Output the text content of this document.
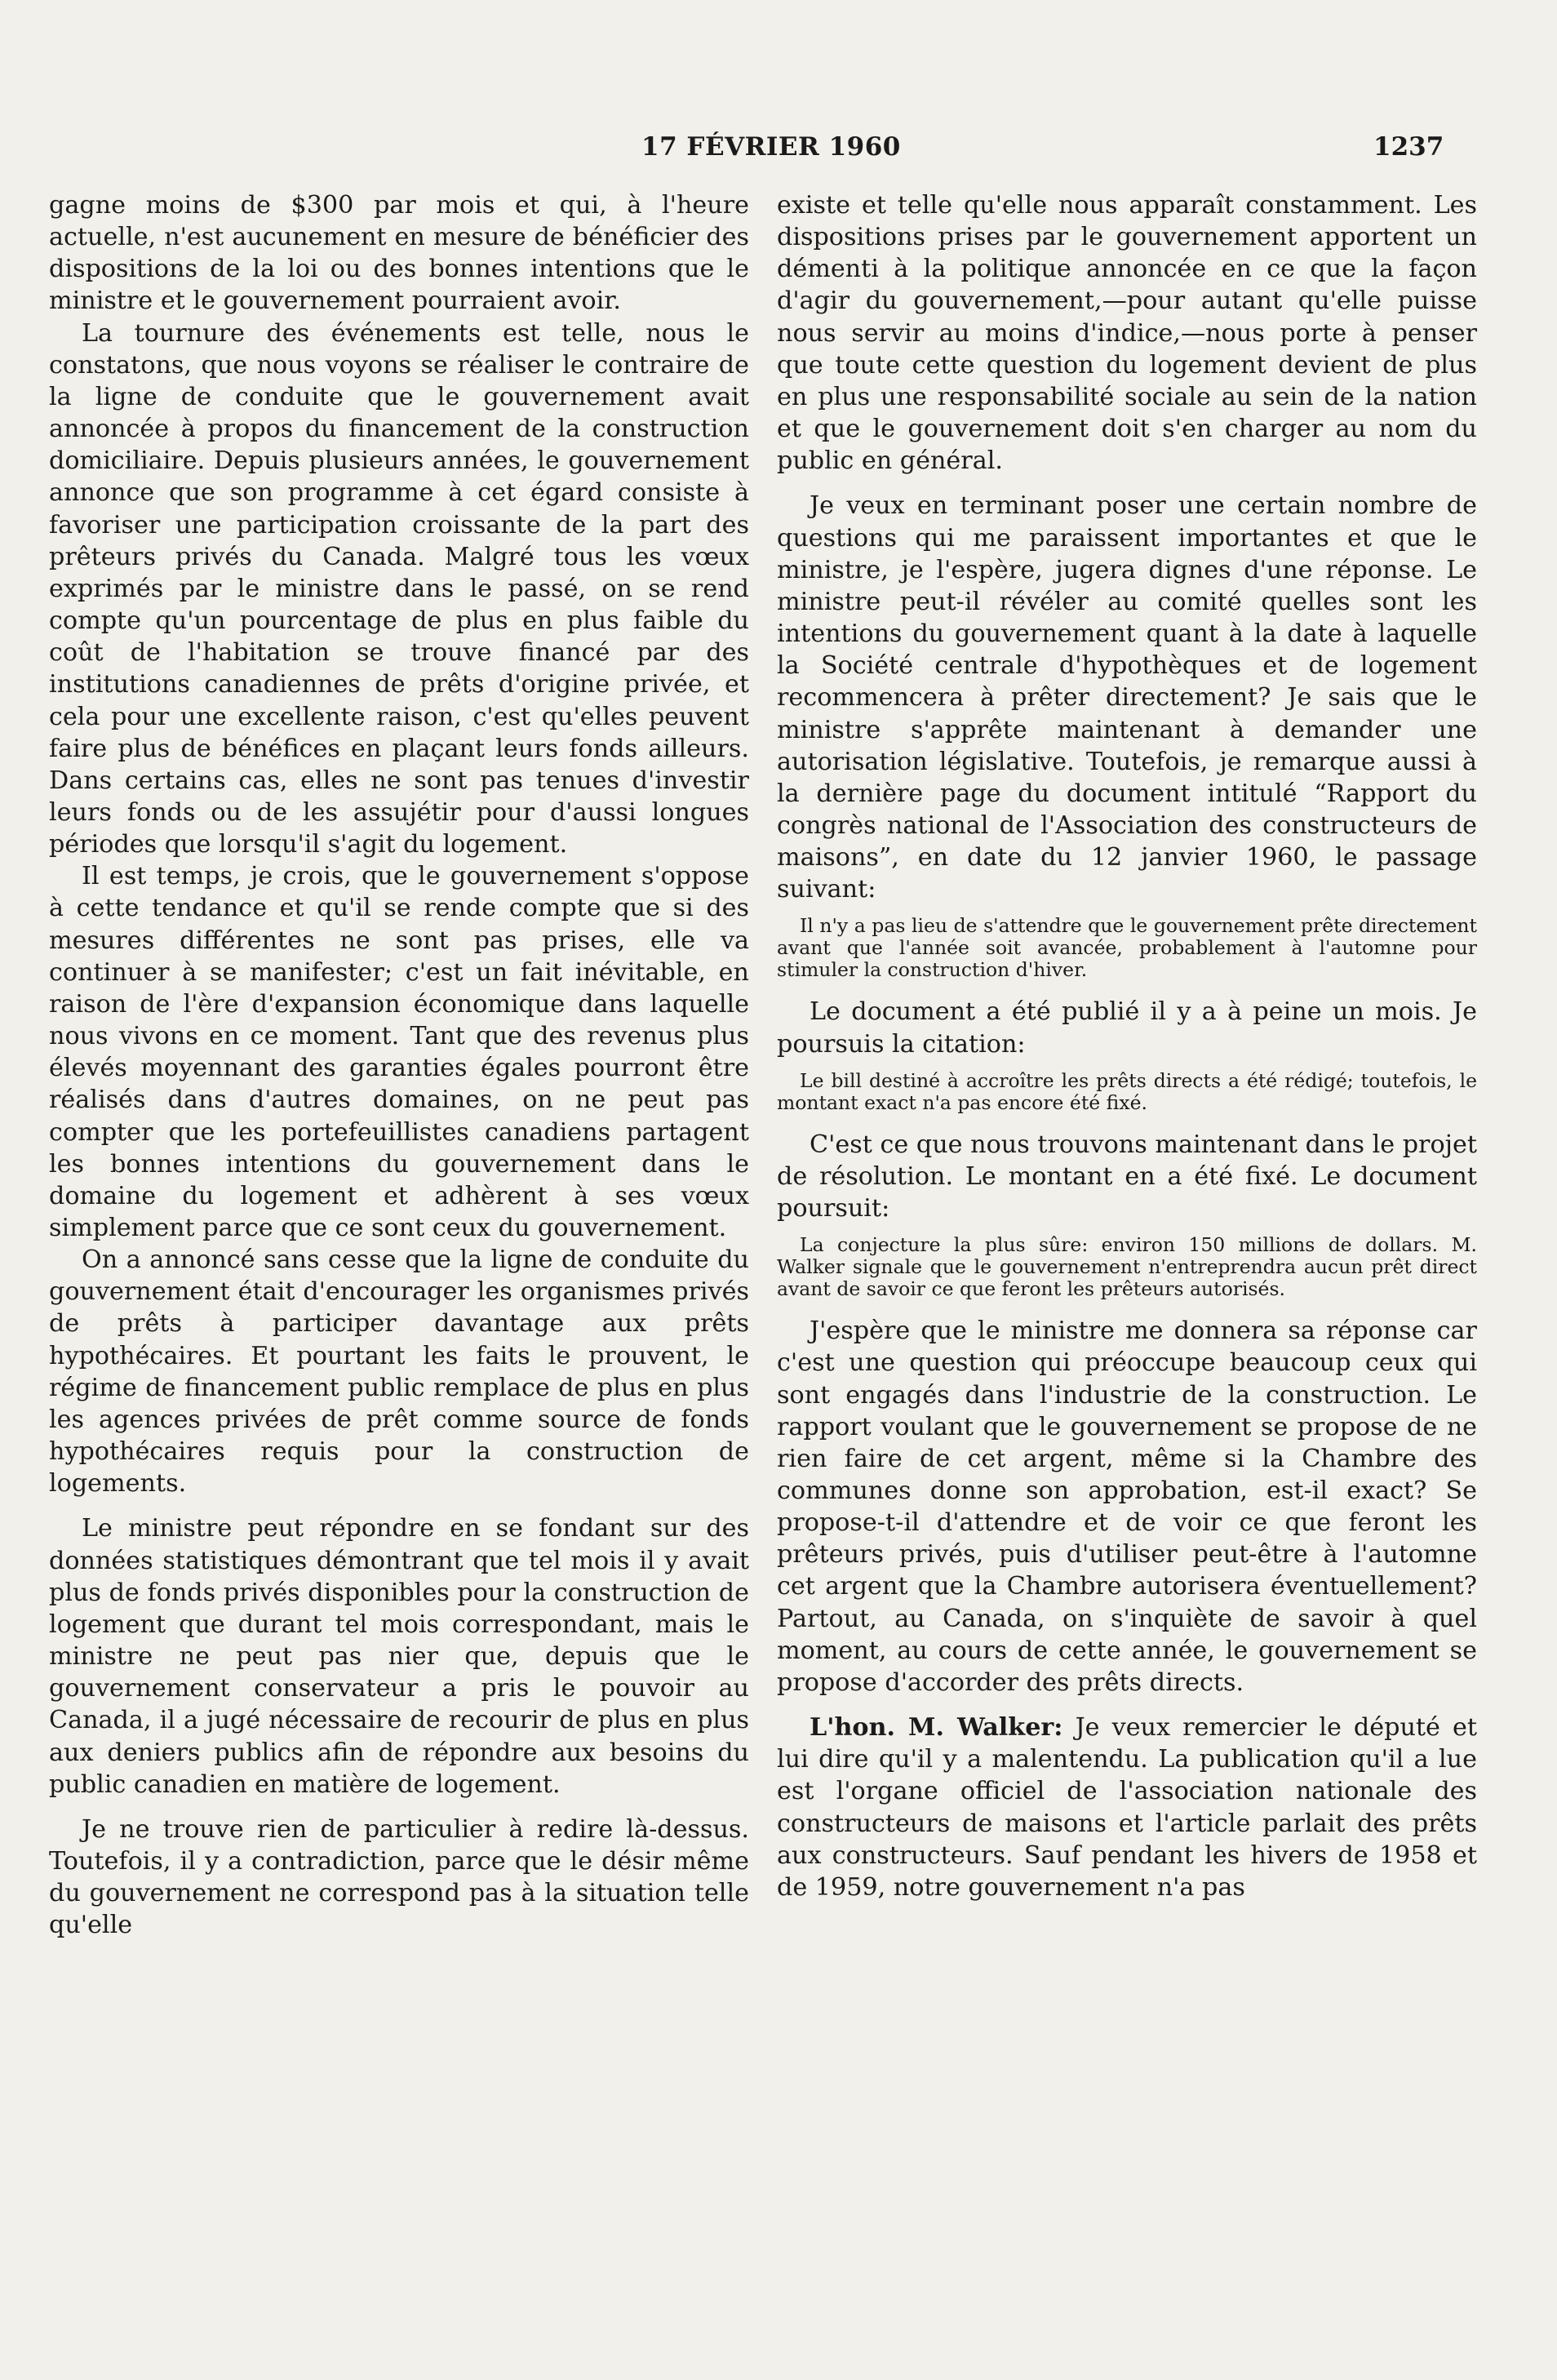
17 FÉVRIER 1960	1237

gagne moins de $300 par mois et qui, à l'heure actuelle, n'est aucunement en mesure de bénéficier des dispositions de la loi ou des bonnes intentions que le ministre et le gouvernement pourraient avoir.

La tournure des événements est telle, nous le constatons, que nous voyons se réaliser le contraire de la ligne de conduite que le gouvernement avait annoncée à propos du financement de la construction domiciliaire. Depuis plusieurs années, le gouvernement annonce que son programme à cet égard consiste à favoriser une participation croissante de la part des prêteurs privés du Canada. Malgré tous les vœux exprimés par le ministre dans le passé, on se rend compte qu'un pourcentage de plus en plus faible du coût de l'habitation se trouve financé par des institutions canadiennes de prêts d'origine privée, et cela pour une excellente raison, c'est qu'elles peuvent faire plus de bénéfices en plaçant leurs fonds ailleurs. Dans certains cas, elles ne sont pas tenues d'investir leurs fonds ou de les assujétir pour d'aussi longues périodes que lorsqu'il s'agit du logement.

Il est temps, je crois, que le gouvernement s'oppose à cette tendance et qu'il se rende compte que si des mesures différentes ne sont pas prises, elle va continuer à se manifester; c'est un fait inévitable, en raison de l'ère d'expansion économique dans laquelle nous vivons en ce moment. Tant que des revenus plus élevés moyennant des garanties égales pourront être réalisés dans d'autres domaines, on ne peut pas compter que les portefeuillistes canadiens partagent les bonnes intentions du gouvernement dans le domaine du logement et adhèrent à ses vœux simplement parce que ce sont ceux du gouvernement.

On a annoncé sans cesse que la ligne de conduite du gouvernement était d'encourager les organismes privés de prêts à participer davantage aux prêts hypothécaires. Et pourtant les faits le prouvent, le régime de financement public remplace de plus en plus les agences privées de prêt comme source de fonds hypothécaires requis pour la construction de logements.

Le ministre peut répondre en se fondant sur des données statistiques démontrant que tel mois il y avait plus de fonds privés disponibles pour la construction de logement que durant tel mois correspondant, mais le ministre ne peut pas nier que, depuis que le gouvernement conservateur a pris le pouvoir au Canada, il a jugé nécessaire de recourir de plus en plus aux deniers publics afin de répondre aux besoins du public canadien en matière de logement.

Je ne trouve rien de particulier à redire là-dessus. Toutefois, il y a contradiction, parce que le désir même du gouvernement ne correspond pas à la situation telle qu'elle

existe et telle qu'elle nous apparaît constamment. Les dispositions prises par le gouvernement apportent un démenti à la politique annoncée en ce que la façon d'agir du gouvernement,—pour autant qu'elle puisse nous servir au moins d'indice,—nous porte à penser que toute cette question du logement devient de plus en plus une responsabilité sociale au sein de la nation et que le gouvernement doit s'en charger au nom du public en général.

Je veux en terminant poser une certain nombre de questions qui me paraissent importantes et que le ministre, je l'espère, jugera dignes d'une réponse. Le ministre peut-il révéler au comité quelles sont les intentions du gouvernement quant à la date à laquelle la Société centrale d'hypothèques et de logement recommencera à prêter directement? Je sais que le ministre s'apprête maintenant à demander une autorisation législative. Toutefois, je remarque aussi à la dernière page du document intitulé “Rapport du congrès national de l'Association des constructeurs de maisons”, en date du 12 janvier 1960, le passage suivant:

Il n'y a pas lieu de s'attendre que le gouvernement prête directement avant que l'année soit avancée, probablement à l'automne pour stimuler la construction d'hiver.

Le document a été publié il y a à peine un mois. Je poursuis la citation:

Le bill destiné à accroître les prêts directs a été rédigé; toutefois, le montant exact n'a pas encore été fixé.

C'est ce que nous trouvons maintenant dans le projet de résolution. Le montant en a été fixé. Le document poursuit:

La conjecture la plus sûre: environ 150 millions de dollars. M. Walker signale que le gouvernement n'entreprendra aucun prêt direct avant de savoir ce que feront les prêteurs autorisés.

J'espère que le ministre me donnera sa réponse car c'est une question qui préoccupe beaucoup ceux qui sont engagés dans l'industrie de la construction. Le rapport voulant que le gouvernement se propose de ne rien faire de cet argent, même si la Chambre des communes donne son approbation, est-il exact? Se propose-t-il d'attendre et de voir ce que feront les prêteurs privés, puis d'utiliser peut-être à l'automne cet argent que la Chambre autorisera éventuellement? Partout, au Canada, on s'inquiète de savoir à quel moment, au cours de cette année, le gouvernement se propose d'accorder des prêts directs.

L'hon. M. Walker: Je veux remercier le député et lui dire qu'il y a malentendu. La publication qu'il a lue est l'organe officiel de l'association nationale des constructeurs de maisons et l'article parlait des prêts aux constructeurs. Sauf pendant les hivers de 1958 et de 1959, notre gouvernement n'a pas
